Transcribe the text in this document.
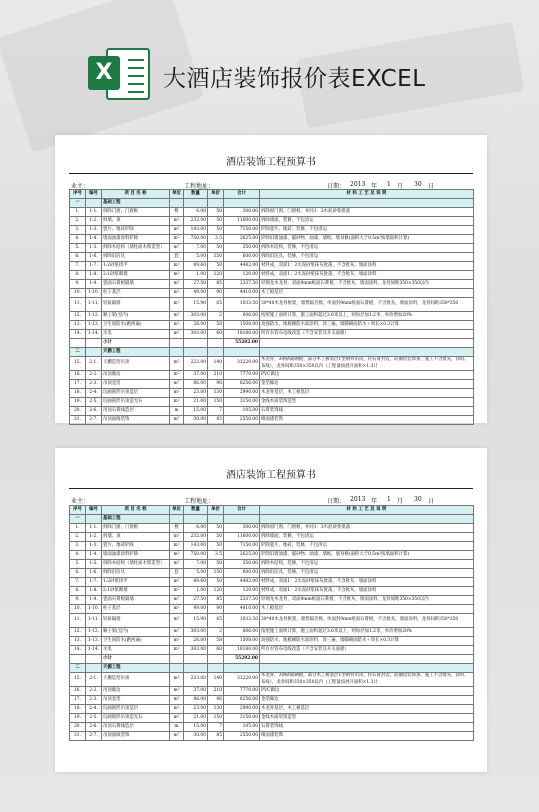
X	大酒店装饰报价表EXCEL
酒店装饰工程预算书
业主：	工程地址：	日期： 2013 年 1 月 30 日
序号	编号	项 目 名 称	单位	数量	单价	合计	材 料 工 艺 及 说 明
一		基础工程					
1.	1-1.	拆除门窗、门窗框	樘	6.00	50	300.00	拆除原门窗、门窗框，并同1：3水泥砂浆批荡
2.	1-2.	拆墙、顶	m²	232.00	50	11600.00	拆除墙面、装修，不包清运
3.	1-3.	瓷片、地砖铲除	m²	143.00	50	7150.00	铲除瓷片、地砖，装修，不包清运
4.	1-4.	墙面油漆涂料铲除	m²	750.00	3.5	2625.00	铲除旧墙油漆、腻砂物、油漆、墙纸，墙身修(面积大于0.5m²按墙面积计算)
5.	1-5.	拆除木结构（墙柱面木饰造型）	m²	7.00	50	350.00	拆除木结构，装修，不包清运
6.	1-6.	拆除旧洁具	套	5.00	150	600.00	拆除旧洁具，装修，不包清运
7.	1-7.	1:2砂浆找平	m²	89.60	50	4482.00	材料成，双面1：2水泥砂浆抹灰批荡，不含批灰，墙面涂料
8.	1-8.	2:1砂浆砌墙	m²	1.00	120	120.00	材料成，双面1：2水泥砂浆抹灰批荡，不含批灰，墙面涂料
9.	1-9.	瓷面石膏板隔墙	m²	27.50	85	2337.50	轻钢龙木龙骨，双面9mm纸面石膏板，不含批灰，墙面涂料，龙骨间距350×350以内
10.	1-10.	柱子基层	m²	49.00	90	4410.00	木工板基层
11.	1-11.	轻质隔墙	m²	15.90	65	1033.50	30*40木龙骨框架，墙势隔音棉，单面封9mm纸面石膏板，不含批灰，墙面涂料，龙骨间距350*350
12.	1-12.	顺子架(室内)	m²	303.00	2	606.00	按照施工面积计算，施工面积超过3.6米以上，则每层加1.2米，单价增加20%
13.	1-13.	卫生间防水(跑两遍)	m²	26.00	58	1508.00	高强防水，地板刷防水面涂料，涂三遍，墙脚刷面防水＋周长×0.3计算
14.	1-14.	水电	m²	303.00	60	18180.00	所有水管布电线改造（不含安装及开关面板）
		小计				55202.00	
二		天棚工程					
15.	2-1.	天棚造型吊顶	m²	223.00	140	31220.00	木龙骨，3钢砂隔钢板，部分木工板基层T型钢骨吊顶，轻石膏封边，防潮铝装饰条，施工不含批灰，涂料、布线），龙骨间距350×350以内（工程量按展开面积×1.3计
16.	2-2.	吊顶做边	m²	37.00	210	7770.00	PVC做边
17.	2-3.	吊顶金箔	m²	86.00	96	8256.00	金箔做边
18.	2-4.	玩画圆形吊顶造层	m²	23.00	130	2990.00	木龙骨基层，木工板基层
19.	2-5.	玩画圆形吊顶造光石	m²	21.00	150	3150.00	金线木质装饰造型
20.	2-6.	吊顶石膏线造层	m	15.00	7	105.00	石膏装饰线
21.	2-7.	吊顶面线装饰	m²	30.00	85	2550.00	细面漆装饰
酒店装饰工程预算书
业主：	工程地址：	日期： 2013 年 1 月 30 日
序号	编号	项 目 名 称	单位	数量	单价	合计	材 料 工 艺 及 说 明
一		基础工程					
1.	1-1.	拆除门窗、门窗框	樘	6.00	50	300.00	拆除原门窗、门窗框，并同1：3水泥砂浆批荡
2.	1-2.	拆墙、顶	m²	232.00	50	11600.00	拆除墙面、装修，不包清运
3.	1-3.	瓷片、地砖铲除	m²	143.00	50	7150.00	铲除瓷片、地砖，装修，不包清运
4.	1-4.	墙面油漆涂料铲除	m²	750.00	3.5	2625.00	铲除旧墙油漆、腻砂物、油漆、墙纸，墙身修(面积大于0.5m²按墙面积计算)
5.	1-5.	拆除木结构（墙柱面木饰造型）	m²	7.00	50	350.00	拆除木结构，装修，不包清运
6.	1-6.	拆除旧洁具	套	5.00	150	600.00	拆除旧洁具，装修，不包清运
7.	1-7.	1:2砂浆找平	m²	89.60	50	4482.00	材料成，双面1：2水泥砂浆抹灰批荡，不含批灰，墙面涂料
8.	1-8.	2:1砂浆砌墙	m²	1.00	120	120.00	材料成，双面1：2水泥砂浆抹灰批荡，不含批灰，墙面涂料
9.	1-9.	瓷面石膏板隔墙	m²	27.50	85	2337.50	轻钢龙木龙骨，双面9mm纸面石膏板，不含批灰，墙面涂料，龙骨间距350×350以内
10.	1-10.	柱子基层	m²	49.00	90	4410.00	木工板基层
11.	1-11.	轻质隔墙	m²	15.90	65	1033.50	30*40木龙骨框架，墙势隔音棉，单面封9mm纸面石膏板，不含批灰，墙面涂料，龙骨间距350*350
12.	1-12.	顺子架(室内)	m²	303.00	2	606.00	按照施工面积计算，施工面积超过3.6米以上，则每层加1.2米，单价增加20%
13.	1-13.	卫生间防水(跑两遍)	m²	26.00	58	1508.00	高强防水，地板刷防水面涂料，涂三遍，墙脚刷面防水＋周长×0.3计算
14.	1-14.	水电	m²	303.00	60	18180.00	所有水管布电线改造（不含安装及开关面板）
		小计				55202.00	
二		天棚工程					
15.	2-1.	天棚造型吊顶	m²	223.00	140	31220.00	木龙骨，3钢砂隔钢板，部分木工板基层T型钢骨吊顶，轻石膏封边，防潮铝装饰条，施工不含批灰，涂料、布线），龙骨间距350×350以内（工程量按展开面积×1.3计
16.	2-2.	吊顶做边	m²	37.00	210	7770.00	PVC做边
17.	2-3.	吊顶金箔	m²	86.00	96	8256.00	金箔做边
18.	2-4.	玩画圆形吊顶造层	m²	23.00	130	2990.00	木龙骨基层，木工板基层
19.	2-5.	玩画圆形吊顶造光石	m²	21.00	150	3150.00	金线木质装饰造型
20.	2-6.	吊顶石膏线造层	m	15.00	7	105.00	石膏装饰线
21.	2-7.	吊顶面线装饰	m²	30.00	85	2550.00	细面漆装饰
